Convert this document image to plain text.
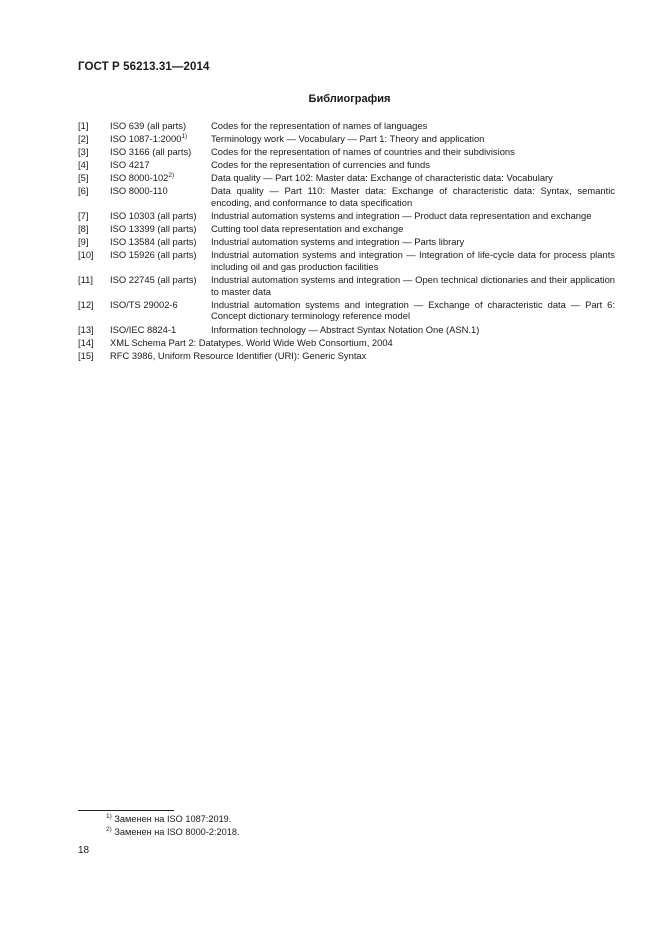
ГОСТ Р 56213.31—2014
Библиография
[1]	ISO 639 (all parts)	Codes for the representation of names of languages
[2]	ISO 1087-1:2000$^{1)}$	Terminology work — Vocabulary — Part 1: Theory and application
[3]	ISO 3166 (all parts)	Codes for the representation of names of countries and their subdivisions
[4]	ISO 4217	Codes for the representation of currencies and funds
[5]	ISO 8000-102$^{2)}$	Data quality — Part 102: Master data: Exchange of characteristic data: Vocabulary
[6]	ISO 8000-110	Data quality — Part 110: Master data: Exchange of characteristic data: Syntax, semantic encoding, and conformance to data specification
[7]	ISO 10303 (all parts)	Industrial automation systems and integration — Product data representation and exchange
[8]	ISO 13399 (all parts)	Cutting tool data representation and exchange
[9]	ISO 13584 (all parts)	Industrial automation systems and integration — Parts library
[10]	ISO 15926 (all parts)	Industrial automation systems and integration — Integration of life-cycle data for process plants including oil and gas production facilities
[11]	ISO 22745 (all parts)	Industrial automation systems and integration — Open technical dictionaries and their application to master data
[12]	ISO/TS 29002-6	Industrial automation systems and integration — Exchange of characteristic data — Part 6: Concept dictionary terminology reference model
[13]	ISO/IEC 8824-1	Information technology — Abstract Syntax Notation One (ASN.1)
[14]	XML Schema Part 2: Datatypes. World Wide Web Consortium, 2004
[15]	RFC 3986, Uniform Resource Identifier (URI): Generic Syntax
$^{1)}$ Заменен на ISO 1087:2019.
$^{2)}$ Заменен на ISO 8000-2:2018.
18
